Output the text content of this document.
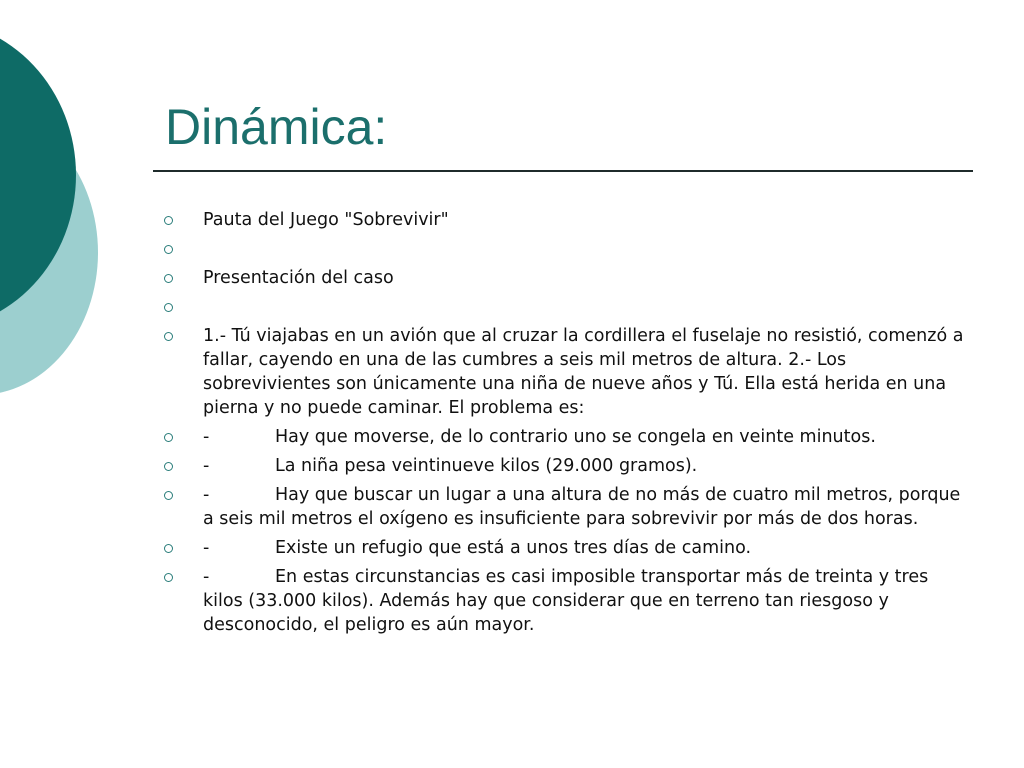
Dinámica:
Pauta del Juego "Sobrevivir"
Presentación del caso
1.- Tú viajabas en un avión que al cruzar la cordillera el fuselaje no resistió, comenzó a fallar, cayendo en una de las cumbres a seis mil metros de altura. 2.- Los sobrevivientes son únicamente una niña de nueve años y Tú. Ella está herida en una pierna y no puede caminar. El problema es:
-	Hay que moverse, de lo contrario uno se congela en veinte minutos.
-	La niña pesa veintinueve kilos (29.000 gramos).
-	Hay que buscar un lugar a una altura de no más de cuatro mil metros, porque a seis mil metros el oxígeno es insuficiente para sobrevivir por más de dos horas.
-	Existe un refugio que está a unos tres días de camino.
-	En estas circunstancias es casi imposible transportar más de treinta y tres kilos (33.000 kilos). Además hay que considerar que en terreno tan riesgoso y desconocido, el peligro es aún mayor.
